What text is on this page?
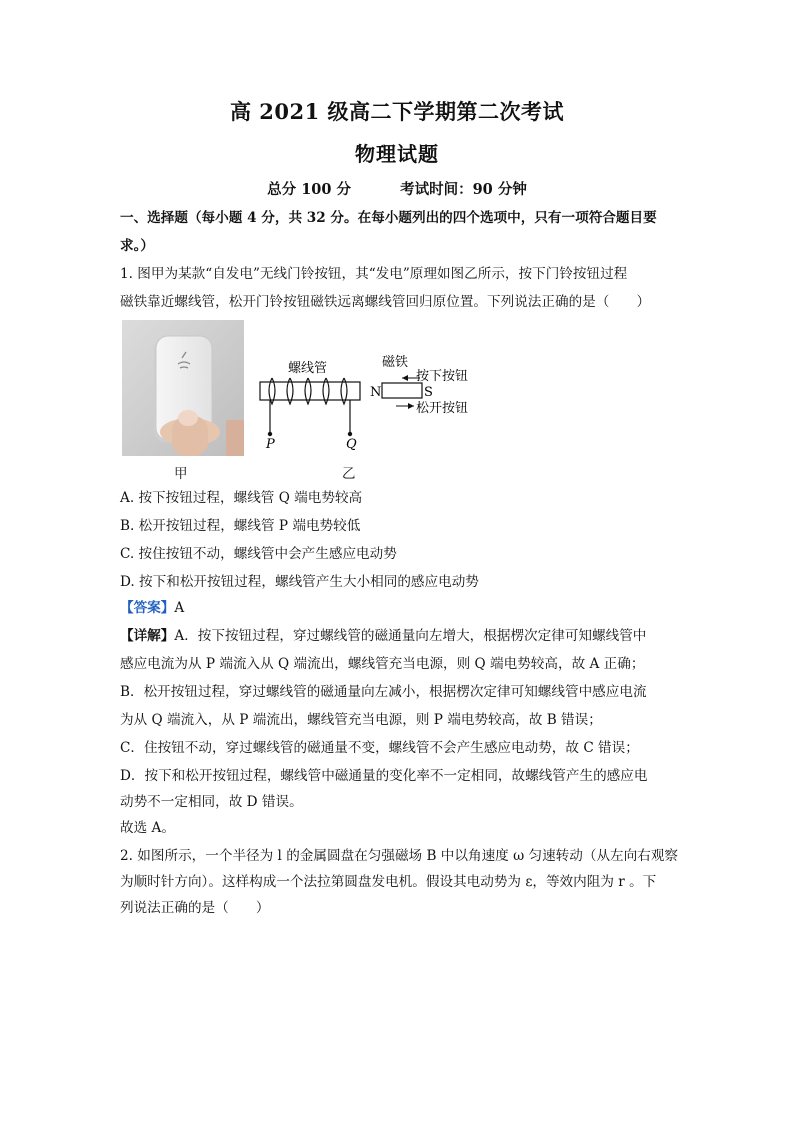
高 2021 级高二下学期第二次考试
物理试题
总分 100 分	考试时间：90 分钟
一、选择题（每小题 4 分，共 32 分。在每小题列出的四个选项中，只有一项符合题目要
求。）
1. 图甲为某款“自发电”无线门铃按钮，其“发电”原理如图乙所示，按下门铃按钮过程
磁铁靠近螺线管，松开门铃按钮磁铁远离螺线管回归原位置。下列说法正确的是（　　）
甲
P	Q
螺线管
N	S
磁铁
按下按钮
松开按钮
乙
A. 按下按钮过程，螺线管 Q 端电势较高
B. 松开按钮过程，螺线管 P 端电势较低
C. 按住按钮不动，螺线管中会产生感应电动势
D. 按下和松开按钮过程，螺线管产生大小相同的感应电动势
【答案】A
【详解】A．按下按钮过程，穿过螺线管的磁通量向左增大，根据楞次定律可知螺线管中
感应电流为从 P 端流入从 Q 端流出，螺线管充当电源，则 Q 端电势较高，故 A 正确；
B．松开按钮过程，穿过螺线管的磁通量向左减小，根据楞次定律可知螺线管中感应电流
为从 Q 端流入，从 P 端流出，螺线管充当电源，则 P 端电势较高，故 B 错误；
C．住按钮不动，穿过螺线管的磁通量不变，螺线管不会产生感应电动势，故 C 错误；
D．按下和松开按钮过程，螺线管中磁通量的变化率不一定相同，故螺线管产生的感应电
动势不一定相同，故 D 错误。
故选 A。
2. 如图所示，一个半径为 l 的金属圆盘在匀强磁场 B 中以角速度 ω 匀速转动（从左向右观察
为顺时针方向）。这样构成一个法拉第圆盘发电机。假设其电动势为 ε，等效内阻为 r 。下
列说法正确的是（　　）
